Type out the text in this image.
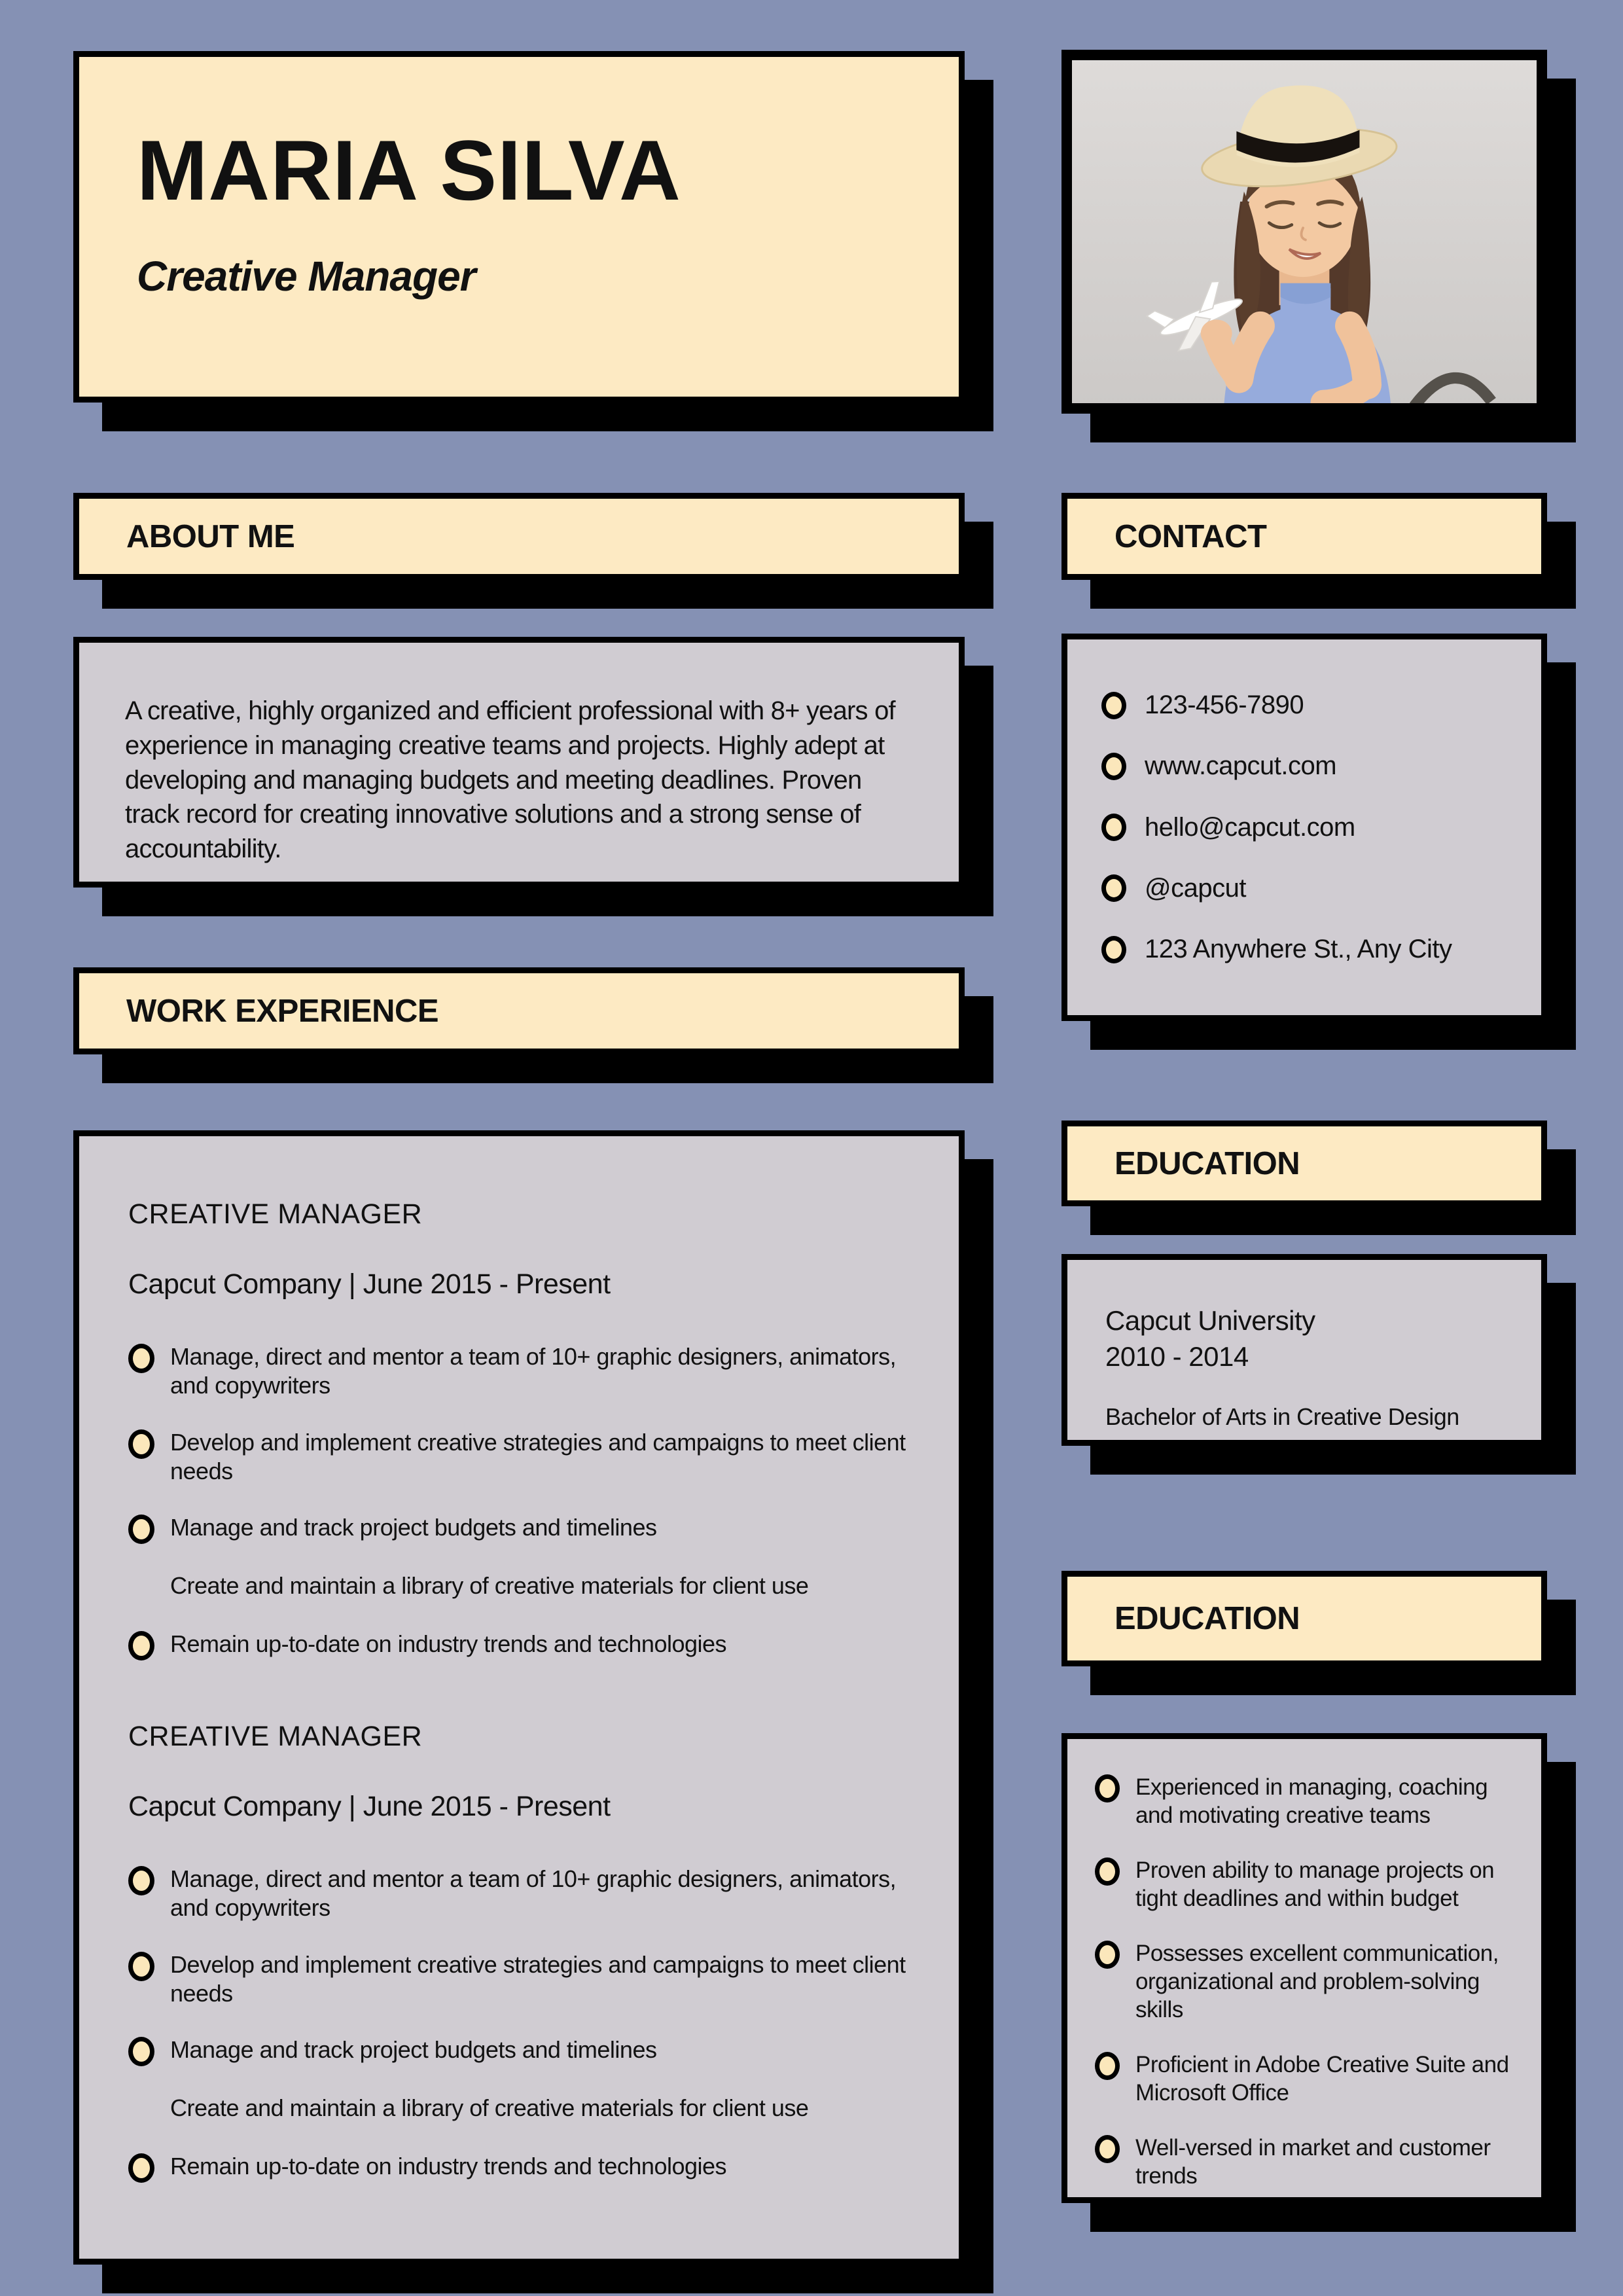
MARIA SILVA
Creative Manager
ABOUT ME

A creative, highly organized and efficient professional with 8+ years of experience in managing creative teams and projects. Highly adept at developing and managing budgets and meeting deadlines. Proven track record for creating innovative solutions and a strong sense of accountability.

WORK EXPERIENCE
CREATIVE MANAGER
Capcut Company | June 2015 - Present
Manage, direct and mentor a team of 10+ graphic designers, animators, and copywriters
Develop and implement creative strategies and campaigns to meet client needs
Manage and track project budgets and timelines
Create and maintain a library of creative materials for client use
Remain up-to-date on industry trends and technologies
CREATIVE MANAGER
Capcut Company | June 2015 - Present
Manage, direct and mentor a team of 10+ graphic designers, animators, and copywriters
Develop and implement creative strategies and campaigns to meet client needs
Manage and track project budgets and timelines
Create and maintain a library of creative materials for client use
Remain up-to-date on industry trends and technologies
CONTACT
123-456-7890
www.capcut.com
hello@capcut.com
@capcut
123 Anywhere St., Any City
EDUCATION
Capcut University
2010 - 2014
Bachelor of Arts in Creative Design
EDUCATION
Experienced in managing, coaching and motivating creative teams
Proven ability to manage projects on tight deadlines and within budget
Possesses excellent communication, organizational and problem-solving skills
Proficient in Adobe Creative Suite and Microsoft Office
Well-versed in market and customer trends
